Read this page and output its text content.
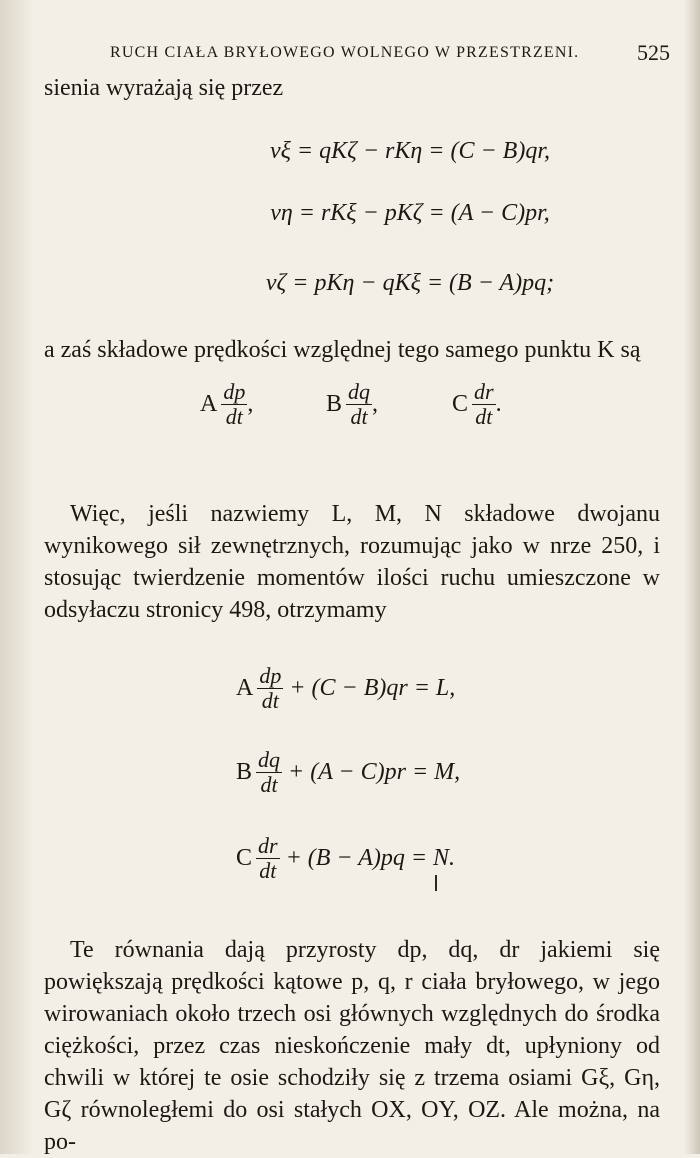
RUCH CIAŁA BRYŁOWEGO WOLNEGO W PRZESTRZENI.	525

sienia wyrażają się przez

vξ = qKζ − rKη = (C − B)qr,
vη = rKξ − pKζ = (A − C)pr,
vζ = pKη − qKξ = (B − A)pq;

a zaś składowe prędkości względnej tego samego punktu K są

A $\frac{dp}{dt}$ ,	B $\frac{dq}{dt}$ ,	C $\frac{dr}{dt}$ .

Więc, jeśli nazwiemy L, M, N składowe dwojanu wynikowego sił zewnętrznych, rozumując jako w nrze 250, i stosując twierdzenie momentów ilości ruchu umieszczone w odsyłaczu stronicy 498, otrzymamy

A $\frac{dp}{dt} + (C - B)qr = L$,
B $\frac{dq}{dt} + (A - C)pr = M$,
C $\frac{dr}{dt} + (B - A)pq = N$.

Te równania dają przyrosty dp, dq, dr jakiemi się powiększają prędkości kątowe p, q, r ciała bryłowego, w jego wirowaniach około trzech osi głównych względnych do środka ciężkości, przez czas nieskończenie mały dt, upłyniony od chwili w której te osie schodziły się z trzema osiami Gξ, Gη, Gζ równoległemi do osi stałych OX, OY, OZ. Ale można, na po-
